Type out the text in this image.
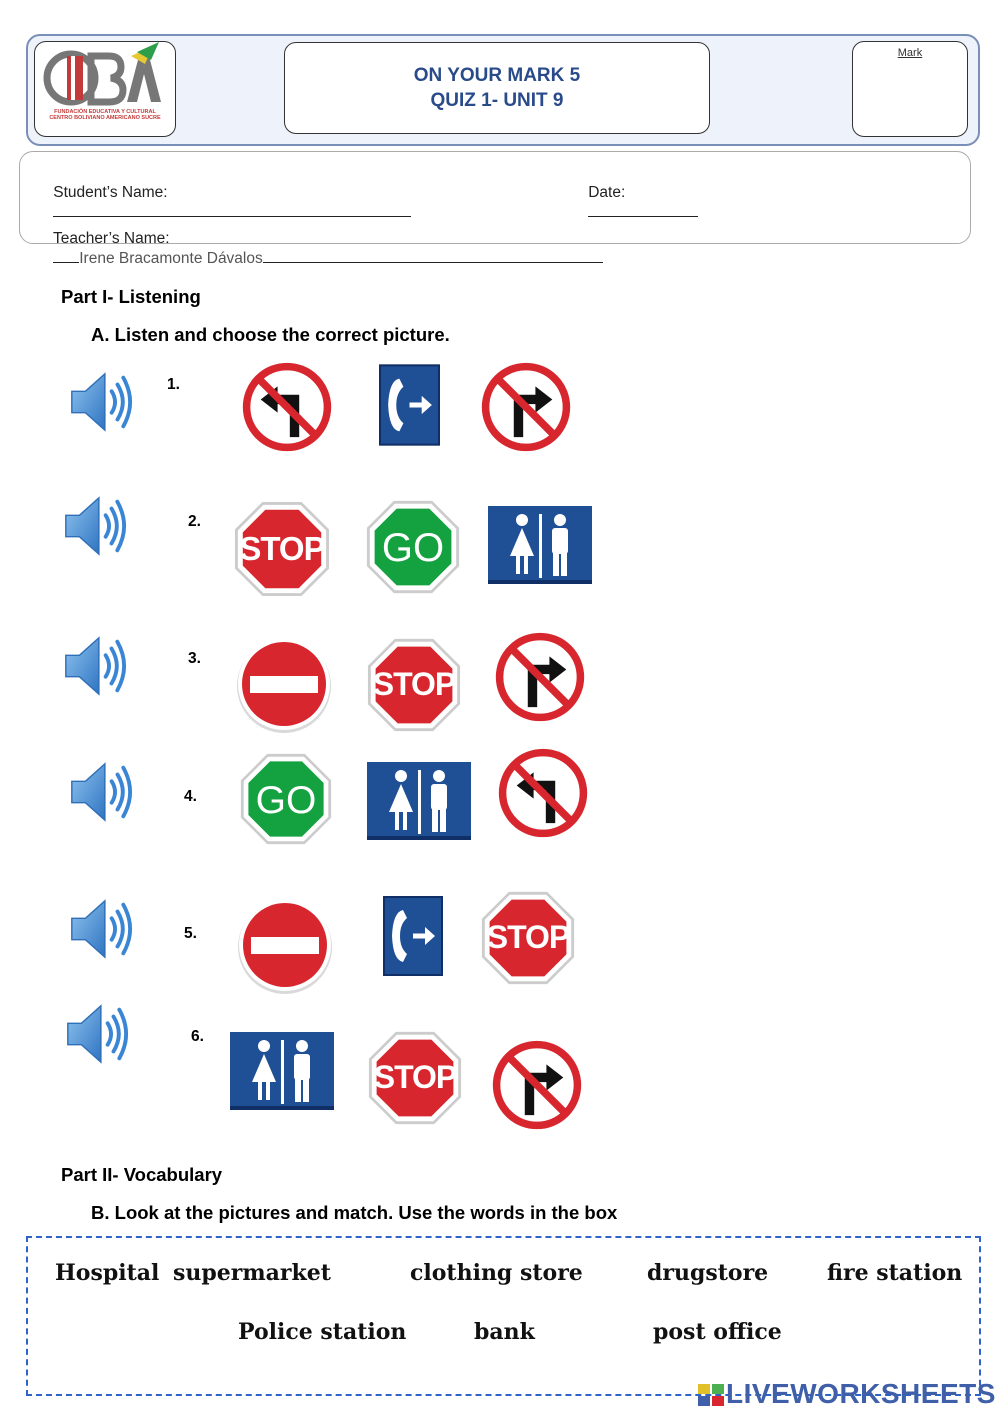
FUNDACIÓN EDUCATIVA Y CULTURAL CENTRO BOLIVIANO AMERICANO SUCRE
ON YOUR MARK 5
QUIZ 1- UNIT 9
Mark

Student’s Name:

	Date:

Teacher’s Name:
Irene Bracamonte Dávalos

Part I- Listening
A. Listen and choose the correct picture.
1.
2.
STOP	GO
3.
STOP
4.	GO
5.	STOP
6.
STOP
Part II- Vocabulary
B. Look at the pictures and match. Use the words in the box
Hospital supermarket	clothing store	drugstore	fire station
Police station	bank	post office
LIVEWORKSHEETS
